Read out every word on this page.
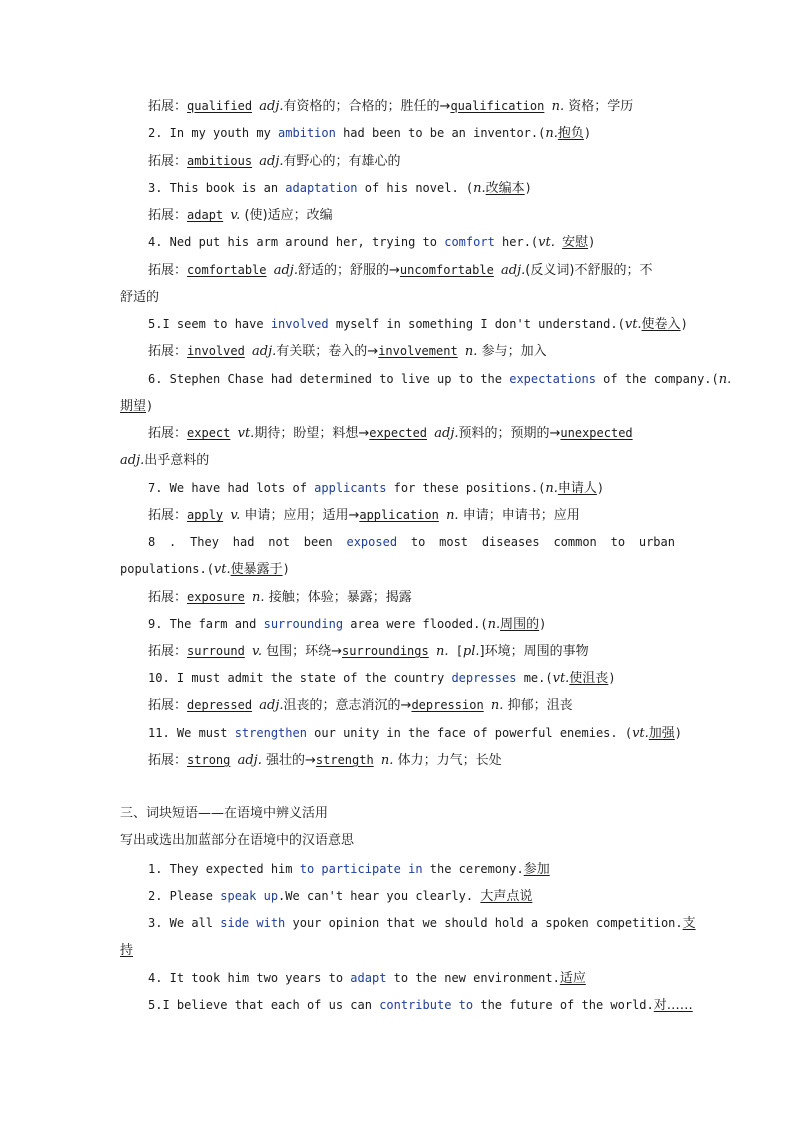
拓展：qualified adj.有资格的；合格的；胜任的→qualification n. 资格；学历
2. In my youth my ambition had been to be an inventor.(n.抱负)
拓展：ambitious adj.有野心的；有雄心的
3. This book is an adaptation of his novel. (n.改编本)
拓展：adapt v. (使)适应；改编
4. Ned put his arm around her, trying to comfort her.(vt. 安慰)
拓展：comfortable adj.舒适的；舒服的→uncomfortable adj.(反义词)不舒服的；不
舒适的
5.I seem to have involved myself in something I don't understand.(vt.使卷入)
拓展：involved adj.有关联；卷入的→involvement n. 参与；加入
6. Stephen Chase had determined to live up to the expectations of the company.(n.
期望)
拓展：expect vt.期待；盼望；料想→expected adj.预料的；预期的→unexpected
adj.出乎意料的
7. We have had lots of applicants for these positions.(n.申请人)
拓展：apply v. 申请；应用；适用→application n. 申请；申请书；应用
8 . They had not been exposed to most diseases common to urban
populations.(vt.使暴露于)
拓展：exposure n. 接触；体验；暴露；揭露
9. The farm and surrounding area were flooded.(n.周围的)
拓展：surround v. 包围；环绕→surroundings n. [pl.]环境；周围的事物
10. I must admit the state of the country depresses me.(vt.使沮丧)
拓展：depressed adj.沮丧的；意志消沉的→depression n. 抑郁；沮丧
11. We must strengthen our unity in the face of powerful enemies. (vt.加强)
拓展：strong adj. 强壮的→strength n. 体力；力气；长处
三、词块短语——在语境中辨义活用
写出或选出加蓝部分在语境中的汉语意思
1. They expected him to participate in the ceremony.参加
2. Please speak up.We can't hear you clearly. 大声点说
3. We all side with your opinion that we should hold a spoken competition.支
持
4. It took him two years to adapt to the new environment.适应
5.I believe that each of us can contribute to the future of the world.对……
